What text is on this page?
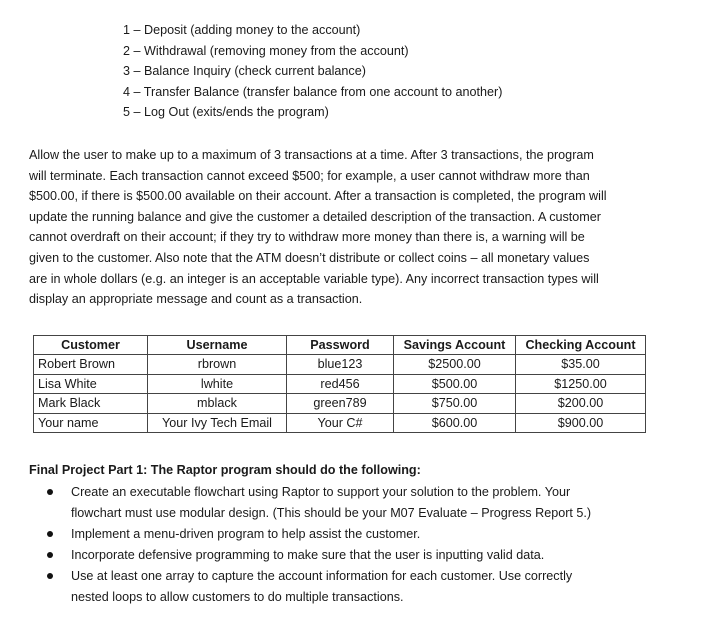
1 – Deposit (adding money to the account)
2 – Withdrawal (removing money from the account)
3 – Balance Inquiry (check current balance)
4 – Transfer Balance (transfer balance from one account to another)
5 – Log Out (exits/ends the program)

Allow the user to make up to a maximum of 3 transactions at a time. After 3 transactions, the program
will terminate. Each transaction cannot exceed $500; for example, a user cannot withdraw more than
$500.00, if there is $500.00 available on their account. After a transaction is completed, the program will
update the running balance and give the customer a detailed description of the transaction. A customer
cannot overdraft on their account; if they try to withdraw more money than there is, a warning will be
given to the customer. Also note that the ATM doesn’t distribute or collect coins – all monetary values
are in whole dollars (e.g. an integer is an acceptable variable type). Any incorrect transaction types will
display an appropriate message and count as a transaction.

Customer	Username	Password	Savings Account	Checking Account
Robert Brown	rbrown	blue123	$2500.00	$35.00
Lisa White	lwhite	red456	$500.00	$1250.00
Mark Black	mblack	green789	$750.00	$200.00
Your name	Your Ivy Tech Email	Your C#	$600.00	$900.00

Final Project Part 1: The Raptor program should do the following:

Create an executable flowchart using Raptor to support your solution to the problem. Your
flowchart must use modular design. (This should be your M07 Evaluate – Progress Report 5.)
Implement a menu-driven program to help assist the customer.
Incorporate defensive programming to make sure that the user is inputting valid data.
Use at least one array to capture the account information for each customer. Use correctly
nested loops to allow customers to do multiple transactions.
